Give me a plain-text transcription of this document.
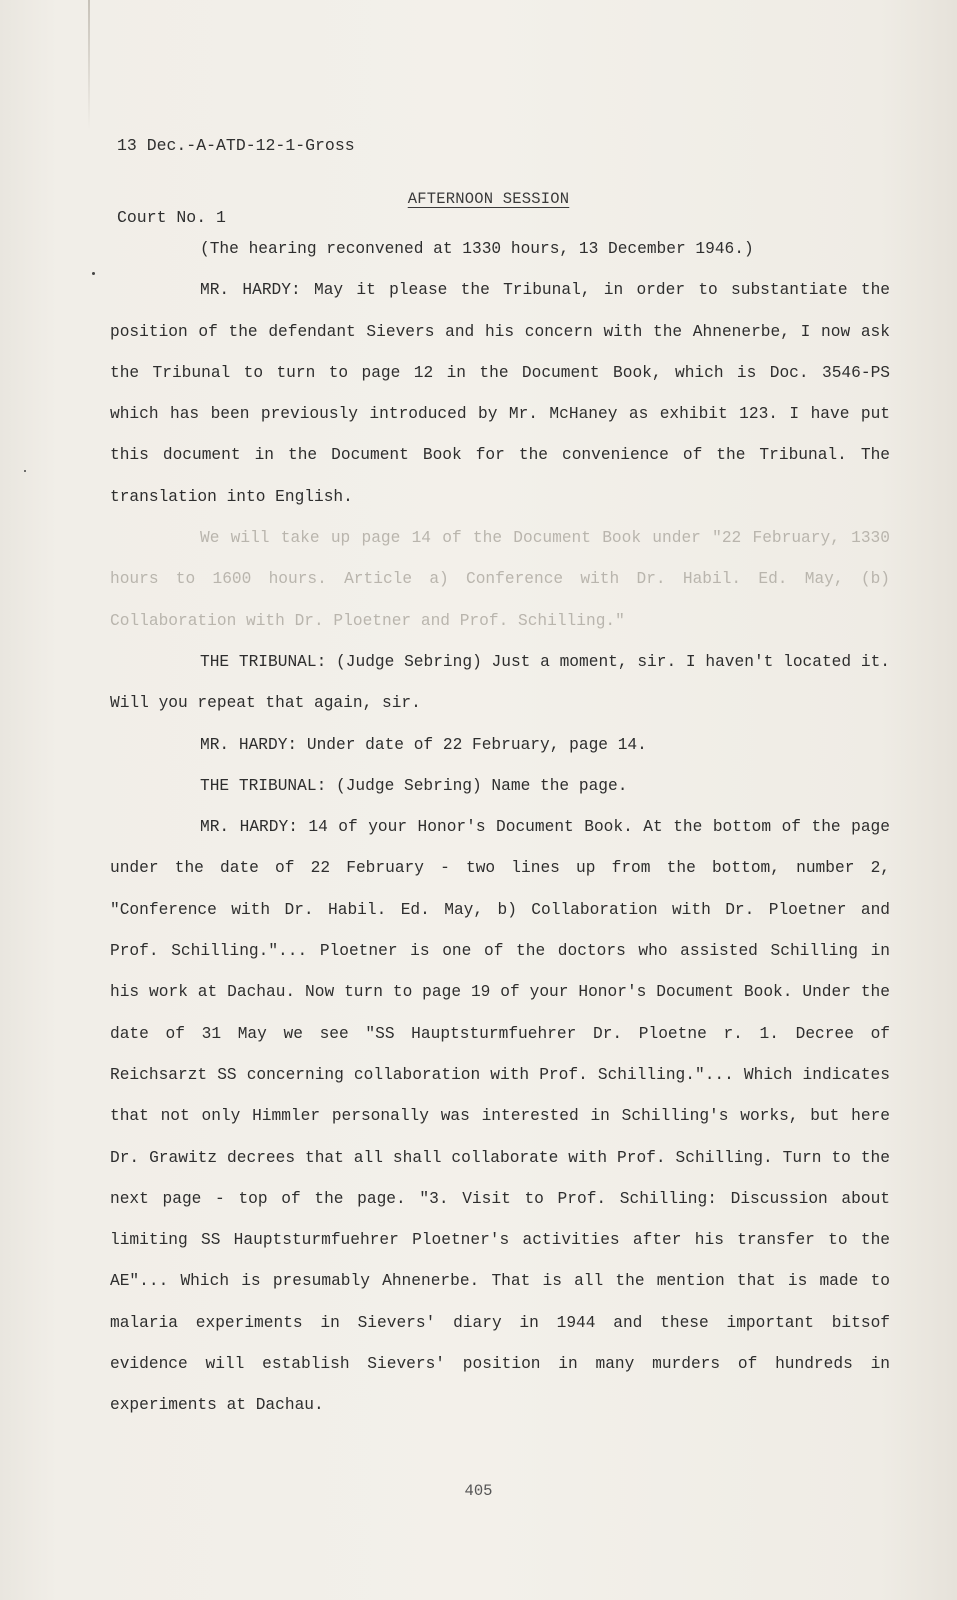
13 Dec.-A-ATD-12-1-Gross

Court No. 1

AFTERNOON SESSION

(The hearing reconvened at 1330 hours, 13 December 1946.)

MR. HARDY: May it please the Tribunal, in order to substantiate the position of the defendant Sievers and his concern with the Ahnenerbe, I now ask the Tribunal to turn to page 12 in the Document Book, which is Doc. 3546-PS which has been previously introduced by Mr. McHaney as exhibit 123. I have put this document in the Document Book for the convenience of the Tribunal. The translation into English.

We will take up page 14 of the Document Book under "22 February, 1330 hours to 1600 hours. Article a) Conference with Dr. Habil. Ed. May, (b) Collaboration with Dr. Ploetner and Prof. Schilling."

THE TRIBUNAL: (Judge Sebring) Just a moment, sir. I haven't located it. Will you repeat that again, sir.

MR. HARDY: Under date of 22 February, page 14.

THE TRIBUNAL: (Judge Sebring) Name the page.

MR. HARDY: 14 of your Honor's Document Book. At the bottom of the page under the date of 22 February - two lines up from the bottom, number 2, "Conference with Dr. Habil. Ed. May, b) Collaboration with Dr. Ploetner and Prof. Schilling."... Ploetner is one of the doctors who assisted Schilling in his work at Dachau. Now turn to page 19 of your Honor's Document Book. Under the date of 31 May we see "SS Hauptsturmfuehrer Dr. Ploetne r. 1. Decree of Reichsarzt SS concerning collaboration with Prof. Schilling."... Which indicates that not only Himmler personally was interested in Schilling's works, but here Dr. Grawitz decrees that all shall collaborate with Prof. Schilling. Turn to the next page - top of the page. "3. Visit to Prof. Schilling: Discussion about limiting SS Hauptsturmfuehrer Ploetner's activities after his transfer to the AE"... Which is presumably Ahnenerbe. That is all the mention that is made to malaria experiments in Sievers' diary in 1944 and these important bitsof evidence will establish Sievers' position in many murders of hundreds in experiments at Dachau.

405
